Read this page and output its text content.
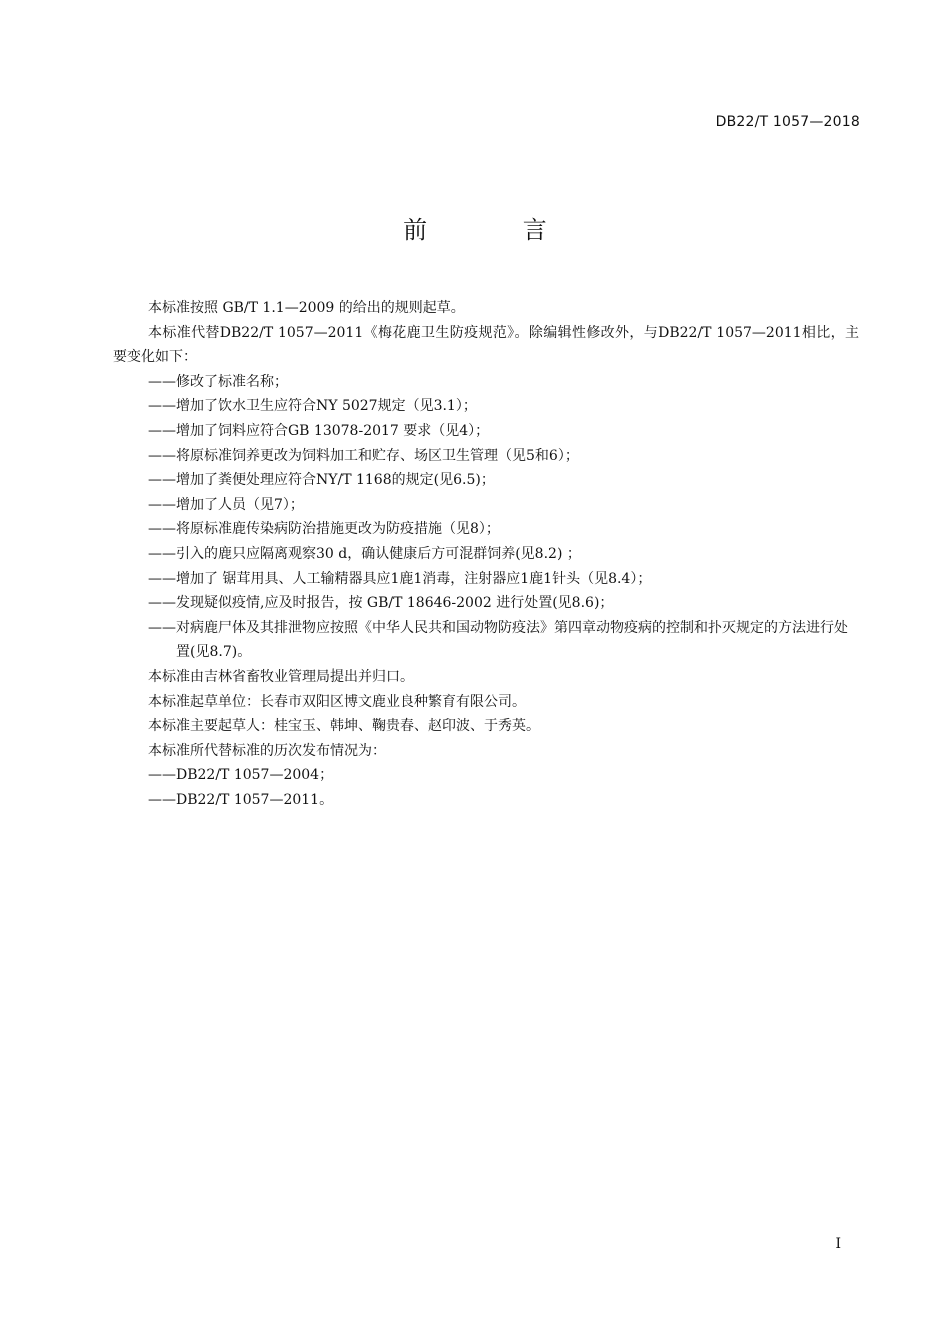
DB22/T 1057—2018
前 言

本标准按照 GB/T 1.1—2009 的给出的规则起草。

本标准代替DB22/T 1057—2011《梅花鹿卫生防疫规范》。除编辑性修改外，与DB22/T 1057—2011相比，主要变化如下：

——修改了标准名称；

——增加了饮水卫生应符合NY 5027规定（见3.1）；

——增加了饲料应符合GB 13078-2017 要求（见4）；

——将原标准饲养更改为饲料加工和贮存、场区卫生管理（见5和6）；

——增加了粪便处理应符合NY/T 1168的规定(见6.5)；

——增加了人员（见7）；

——将原标准鹿传染病防治措施更改为防疫措施（见8）；

——引入的鹿只应隔离观察30 d，确认健康后方可混群饲养(见8.2) ；

——增加了 锯茸用具、人工输精器具应1鹿1消毒，注射器应1鹿1针头（见8.4）；

——发现疑似疫情,应及时报告，按 GB/T 18646-2002 进行处置(见8.6)；

——对病鹿尸体及其排泄物应按照《中华人民共和国动物防疫法》第四章动物疫病的控制和扑灭规定的方法进行处置(见8.7)。

本标准由吉林省畜牧业管理局提出并归口。

本标准起草单位：长春市双阳区博文鹿业良种繁育有限公司。

本标准主要起草人：桂宝玉、韩坤、鞠贵春、赵印波、于秀英。

本标准所代替标准的历次发布情况为：

——DB22/T 1057—2004；

——DB22/T 1057—2011。

I
